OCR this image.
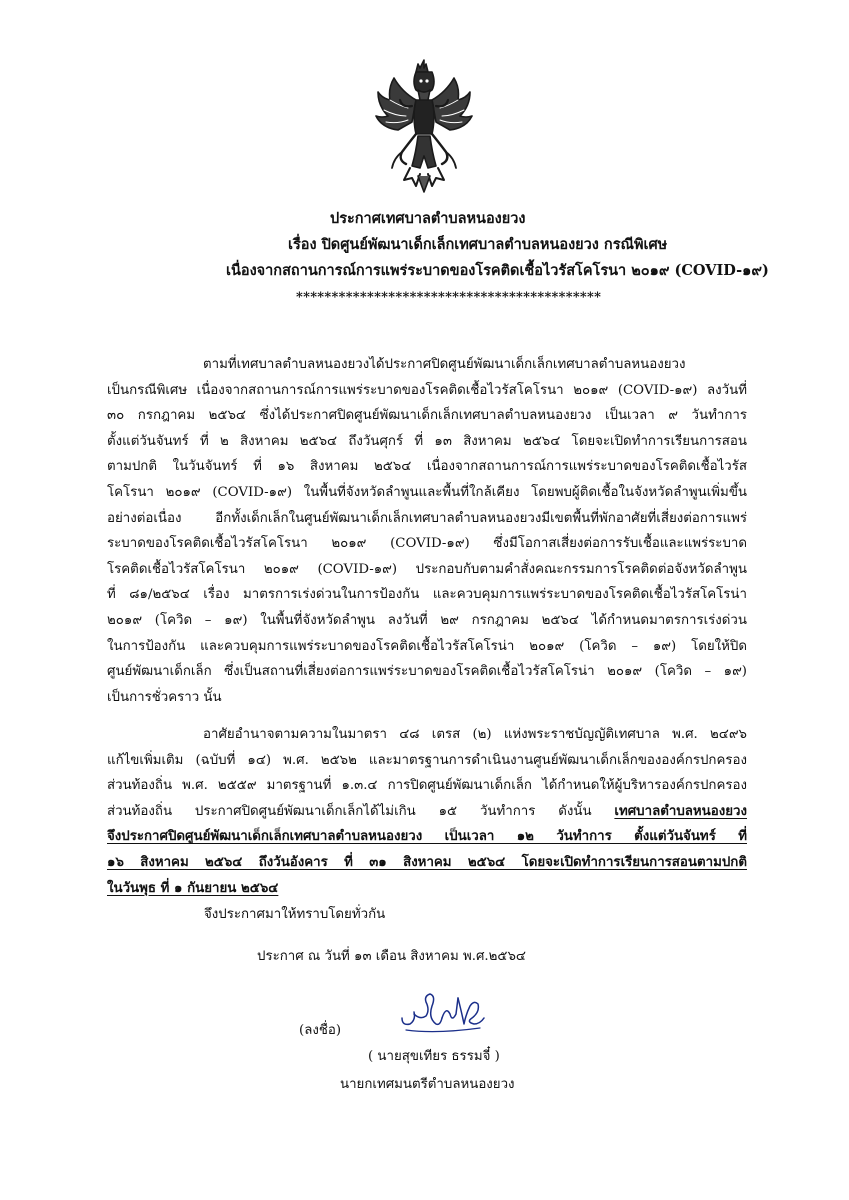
ประกาศเทศบาลตำบลหนองยวง
เรื่อง ปิดศูนย์พัฒนาเด็กเล็กเทศบาลตำบลหนองยวง กรณีพิเศษ
เนื่องจากสถานการณ์การแพร่ระบาดของโรคติดเชื้อไวรัสโคโรนา ๒๐๑๙ (COVID-๑๙)
*******************************************
ตามที่เทศบาลตำบลหนองยวงได้ประกาศปิดศูนย์พัฒนาเด็กเล็กเทศบาลตำบลหนองยวง
เป็นกรณีพิเศษ เนื่องจากสถานการณ์การแพร่ระบาดของโรคติดเชื้อไวรัสโคโรนา ๒๐๑๙ (COVID-๑๙) ลงวันที่
๓๐ กรกฎาคม ๒๕๖๔ ซึ่งได้ประกาศปิดศูนย์พัฒนาเด็กเล็กเทศบาลตำบลหนองยวง เป็นเวลา ๙ วันทำการ
ตั้งแต่วันจันทร์ ที่ ๒ สิงหาคม ๒๕๖๔ ถึงวันศุกร์ ที่ ๑๓ สิงหาคม ๒๕๖๔ โดยจะเปิดทำการเรียนการสอน
ตามปกติ ในวันจันทร์ ที่ ๑๖ สิงหาคม ๒๕๖๔ เนื่องจากสถานการณ์การแพร่ระบาดของโรคติดเชื้อไวรัส
โคโรนา ๒๐๑๙ (COVID-๑๙) ในพื้นที่จังหวัดลำพูนและพื้นที่ใกล้เคียง โดยพบผู้ติดเชื้อในจังหวัดลำพูนเพิ่มขึ้น
อย่างต่อเนื่อง อีกทั้งเด็กเล็กในศูนย์พัฒนาเด็กเล็กเทศบาลตำบลหนองยวงมีเขตพื้นที่พักอาศัยที่เสี่ยงต่อการแพร่
ระบาดของโรคติดเชื้อไวรัสโคโรนา ๒๐๑๙ (COVID-๑๙) ซึ่งมีโอกาสเสี่ยงต่อการรับเชื้อและแพร่ระบาด
โรคติดเชื้อไวรัสโคโรนา ๒๐๑๙ (COVID-๑๙) ประกอบกับตามคำสั่งคณะกรรมการโรคติดต่อจังหวัดลำพูน
ที่ ๘๑/๒๕๖๔ เรื่อง มาตรการเร่งด่วนในการป้องกัน และควบคุมการแพร่ระบาดของโรคติดเชื้อไวรัสโคโรน่า
๒๐๑๙ (โควิด – ๑๙) ในพื้นที่จังหวัดลำพูน ลงวันที่ ๒๙ กรกฎาคม ๒๕๖๔ ได้กำหนดมาตรการเร่งด่วน
ในการป้องกัน และควบคุมการแพร่ระบาดของโรคติดเชื้อไวรัสโคโรน่า ๒๐๑๙ (โควิด – ๑๙) โดยให้ปิด
ศูนย์พัฒนาเด็กเล็ก ซึ่งเป็นสถานที่เสี่ยงต่อการแพร่ระบาดของโรคติดเชื้อไวรัสโคโรน่า ๒๐๑๙ (โควิด – ๑๙)
เป็นการชั่วคราว นั้น
อาศัยอำนาจตามความในมาตรา ๔๘ เตรส (๒) แห่งพระราชบัญญัติเทศบาล พ.ศ. ๒๔๙๖
แก้ไขเพิ่มเติม (ฉบับที่ ๑๔) พ.ศ. ๒๕๖๒ และมาตรฐานการดำเนินงานศูนย์พัฒนาเด็กเล็กขององค์กรปกครอง
ส่วนท้องถิ่น พ.ศ. ๒๕๕๙ มาตรฐานที่ ๑.๓.๔ การปิดศูนย์พัฒนาเด็กเล็ก ได้กำหนดให้ผู้บริหารองค์กรปกครอง
ส่วนท้องถิ่น ประกาศปิดศูนย์พัฒนาเด็กเล็กได้ไม่เกิน ๑๕ วันทำการ ดังนั้น เทศบาลตำบลหนองยวง
จึงประกาศปิดศูนย์พัฒนาเด็กเล็กเทศบาลตำบลหนองยวง เป็นเวลา ๑๒ วันทำการ ตั้งแต่วันจันทร์ ที่
๑๖ สิงหาคม ๒๕๖๔ ถึงวันอังคาร ที่ ๓๑ สิงหาคม ๒๕๖๔ โดยจะเปิดทำการเรียนการสอนตามปกติ
ในวันพุธ ที่ ๑ กันยายน ๒๕๖๔
จึงประกาศมาให้ทราบโดยทั่วกัน
ประกาศ ณ วันที่ ๑๓ เดือน สิงหาคม พ.ศ.๒๕๖๔
(ลงชื่อ)
( นายสุขเทียร ธรรมจี๋ )
นายกเทศมนตรีตำบลหนองยวง
